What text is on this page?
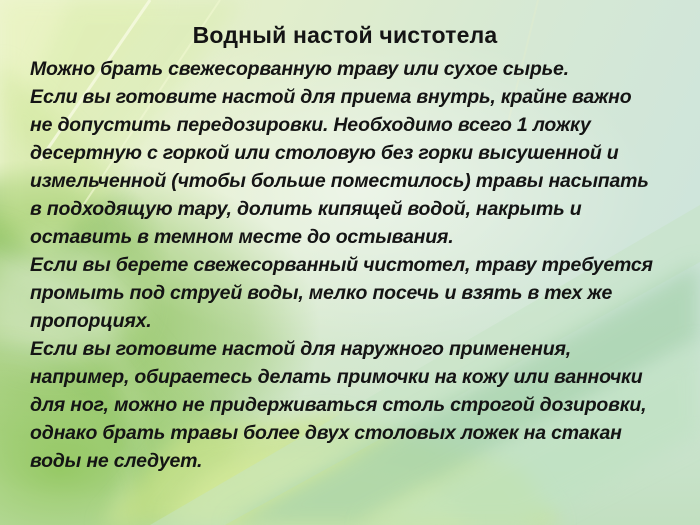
Водный настой чистотела
Можно брать свежесорванную траву или сухое сырье.
Если вы готовите настой для приема внутрь, крайне важно
не допустить передозировки. Необходимо всего 1 ложку
десертную с горкой или столовую без горки высушенной и
измельченной (чтобы больше поместилось) травы насыпать
в подходящую тару, долить кипящей водой, накрыть и
оставить в темном месте до остывания.
Если вы берете свежесорванный чистотел, траву требуется
промыть под струей воды, мелко посечь и взять в тех же
пропорциях.
Если вы готовите настой для наружного применения,
например, обираетесь делать примочки на кожу или ванночки
для ног, можно не придерживаться столь строгой дозировки,
однако брать травы более двух столовых ложек на стакан
воды не следует.
